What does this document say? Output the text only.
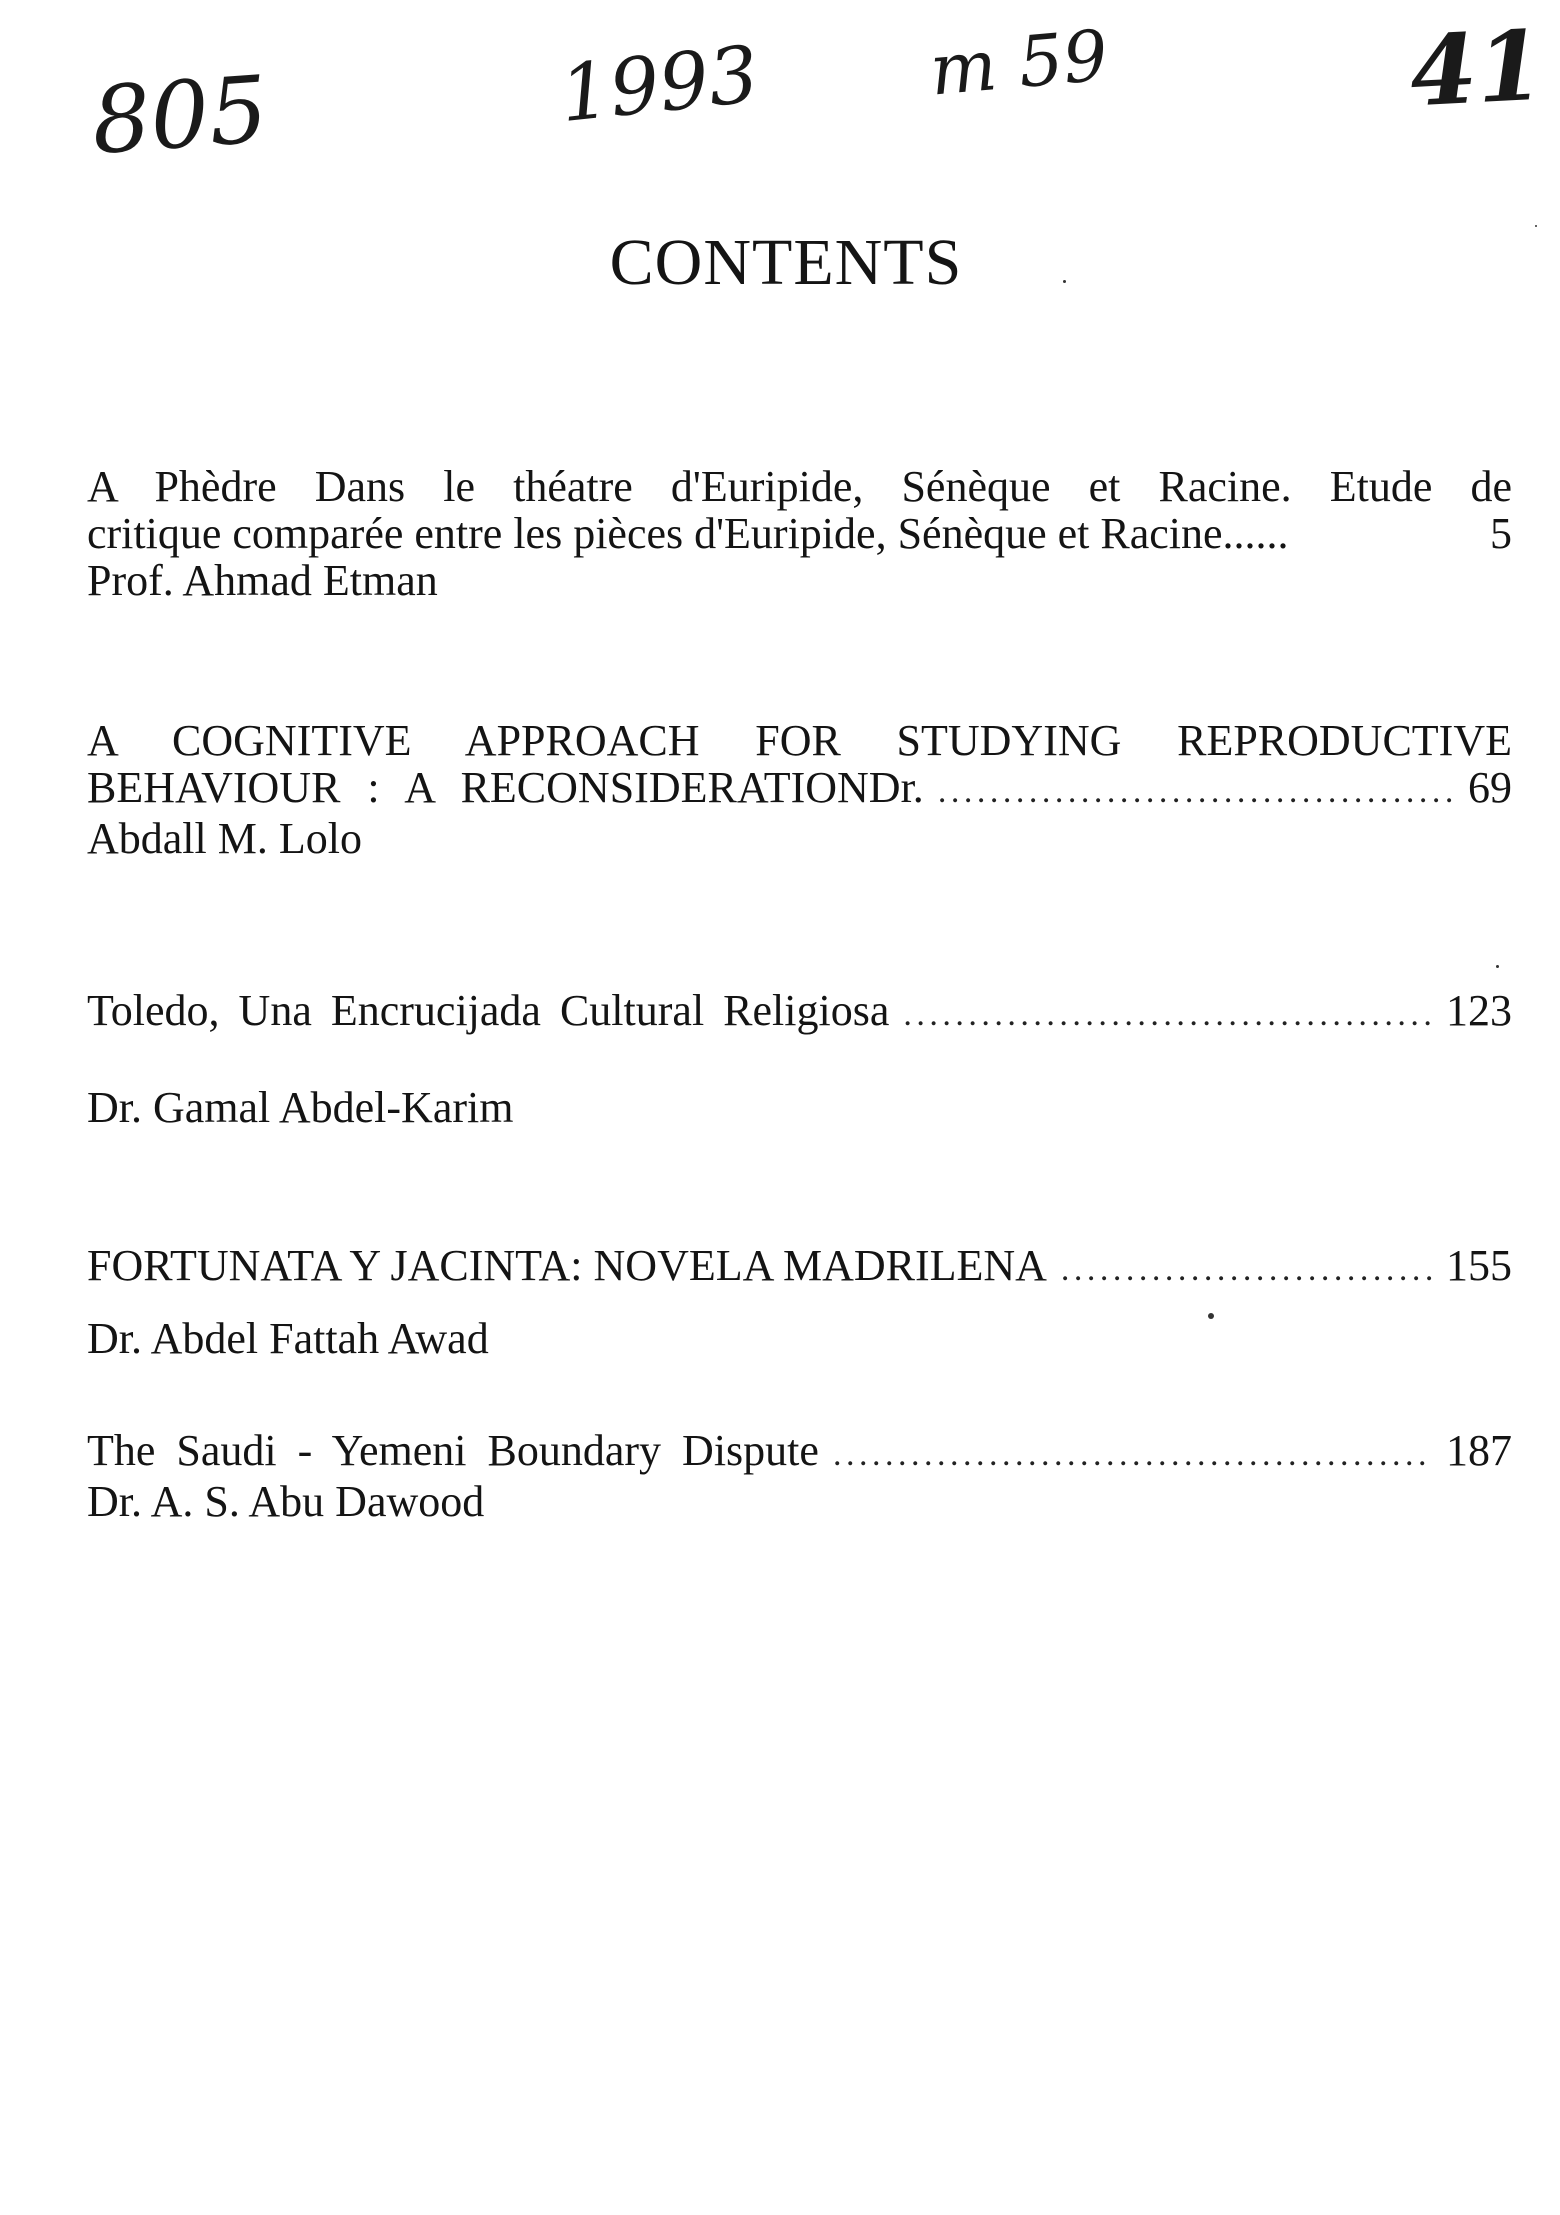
805	1993 m 59	41
CONTENTS
A Phèdre Dans le théatre d'Euripide, Sénèque et Racine. Etude de
critique comparée entre les pièces d'Euripide, Sénèque et Racine......	5
Prof. Ahmad Etman
A COGNITIVE APPROACH FOR STUDYING REPRODUCTIVE
BEHAVIOUR : A RECONSIDERATIONDr. . . .	69
Abdall M. Lolo
Toledo, Una Encrucijada Cultural Religiosa . . .	123
Dr. Gamal Abdel-Karim
FORTUNATA Y JACINTA: NOVELA MADRILENA . . .	155
Dr. Abdel Fattah Awad
The Saudi - Yemeni Boundary Dispute . . .	187
Dr. A. S. Abu Dawood
